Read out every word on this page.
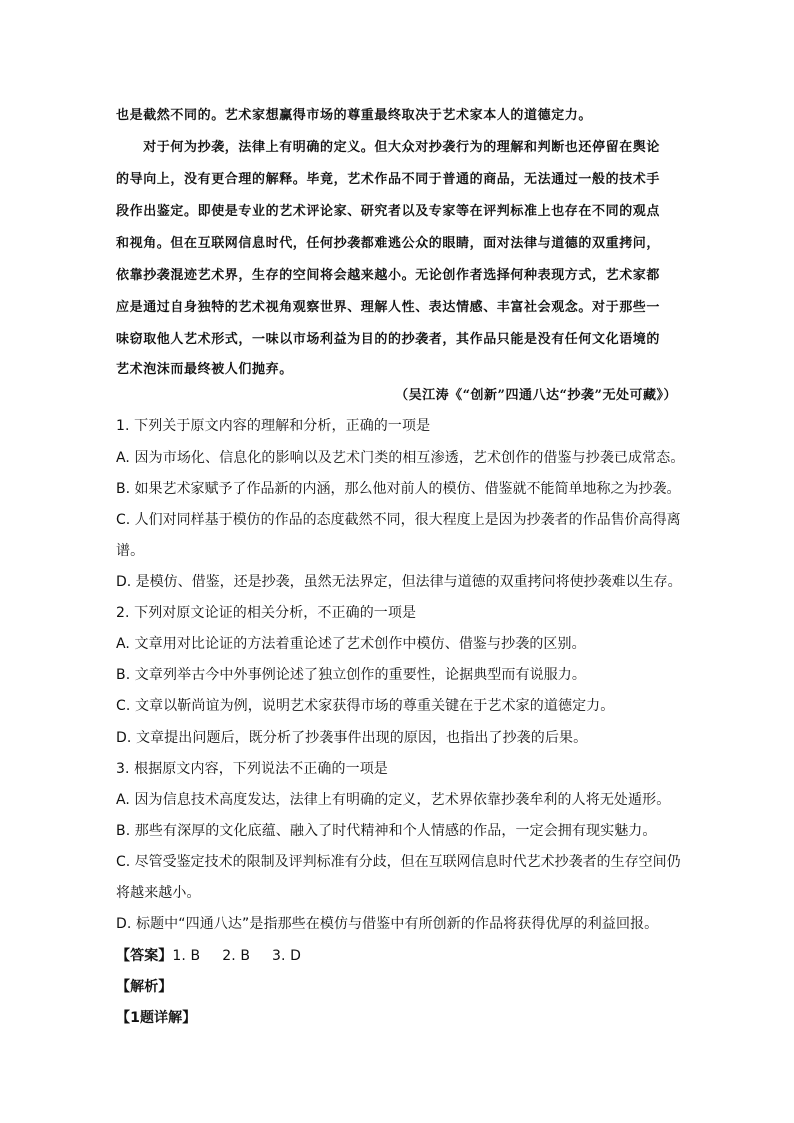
也是截然不同的。艺术家想赢得市场的尊重最终取决于艺术家本人的道德定力。
　　对于何为抄袭，法律上有明确的定义。但大众对抄袭行为的理解和判断也还停留在舆论
的导向上，没有更合理的解释。毕竟，艺术作品不同于普通的商品，无法通过一般的技术手
段作出鉴定。即使是专业的艺术评论家、研究者以及专家等在评判标准上也存在不同的观点
和视角。但在互联网信息时代，任何抄袭都难逃公众的眼睛，面对法律与道德的双重拷问，
依靠抄袭混迹艺术界，生存的空间将会越来越小。无论创作者选择何种表现方式，艺术家都
应是通过自身独特的艺术视角观察世界、理解人性、表达情感、丰富社会观念。对于那些一
味窃取他人艺术形式，一味以市场利益为目的的抄袭者，其作品只能是没有任何文化语境的
艺术泡沫而最终被人们抛弃。
（吴江涛《“创新”四通八达“抄袭”无处可藏》）
1. 下列关于原文内容的理解和分析，正确的一项是
A. 因为市场化、信息化的影响以及艺术门类的相互渗透，艺术创作的借鉴与抄袭已成常态。
B. 如果艺术家赋予了作品新的内涵，那么他对前人的模仿、借鉴就不能简单地称之为抄袭。
C. 人们对同样基于模仿的作品的态度截然不同，很大程度上是因为抄袭者的作品售价高得离
谱。
D. 是模仿、借鉴，还是抄袭，虽然无法界定，但法律与道德的双重拷问将使抄袭难以生存。
2. 下列对原文论证的相关分析，不正确的一项是
A. 文章用对比论证的方法着重论述了艺术创作中模仿、借鉴与抄袭的区别。
B. 文章列举古今中外事例论述了独立创作的重要性，论据典型而有说服力。
C. 文章以靳尚谊为例，说明艺术家获得市场的尊重关键在于艺术家的道德定力。
D. 文章提出问题后，既分析了抄袭事件出现的原因，也指出了抄袭的后果。
3. 根据原文内容，下列说法不正确的一项是
A. 因为信息技术高度发达，法律上有明确的定义，艺术界依靠抄袭牟利的人将无处遁形。
B. 那些有深厚的文化底蕴、融入了时代精神和个人情感的作品，一定会拥有现实魅力。
C. 尽管受鉴定技术的限制及评判标准有分歧，但在互联网信息时代艺术抄袭者的生存空间仍
将越来越小。
D. 标题中“四通八达”是指那些在模仿与借鉴中有所创新的作品将获得优厚的利益回报。
【答案】1. B 2. B 3. D
【解析】
【1题详解】
